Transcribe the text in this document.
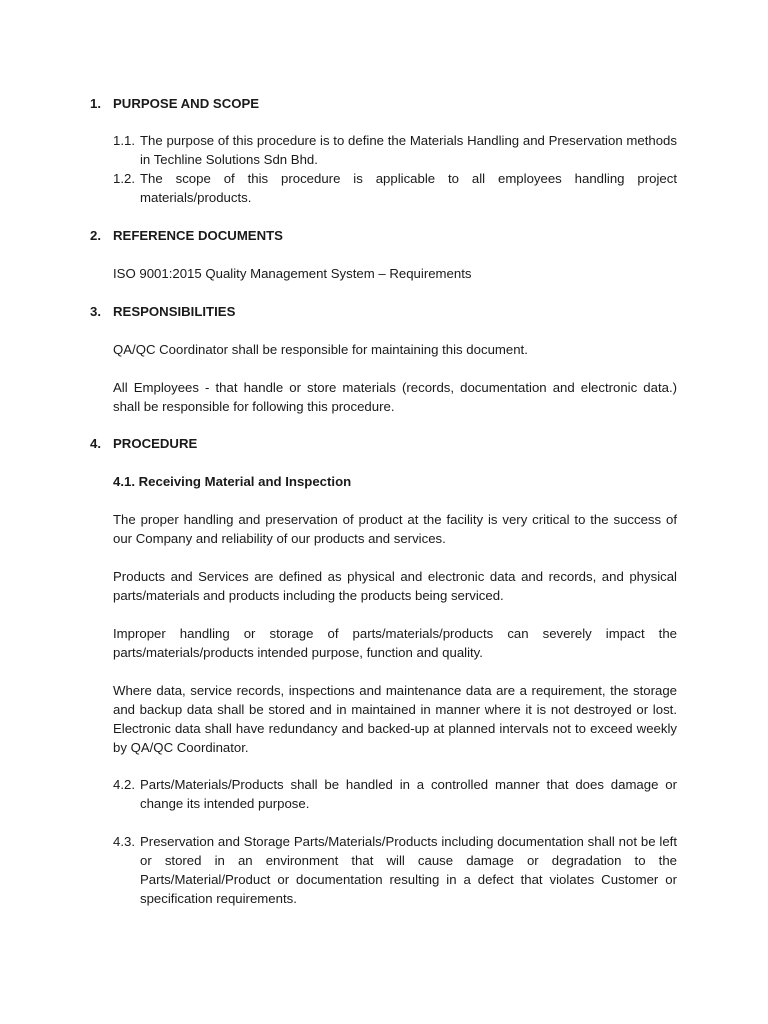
1. PURPOSE AND SCOPE
1.1. The purpose of this procedure is to define the Materials Handling and Preservation methods in Techline Solutions Sdn Bhd.
1.2. The scope of this procedure is applicable to all employees handling project materials/products.
2. REFERENCE DOCUMENTS
ISO 9001:2015 Quality Management System – Requirements
3. RESPONSIBILITIES
QA/QC Coordinator shall be responsible for maintaining this document.
All Employees - that handle or store materials (records, documentation and electronic data.) shall be responsible for following this procedure.
4. PROCEDURE
4.1. Receiving Material and Inspection
The proper handling and preservation of product at the facility is very critical to the success of our Company and reliability of our products and services.
Products and Services are defined as physical and electronic data and records, and physical parts/materials and products including the products being serviced.
Improper handling or storage of parts/materials/products can severely impact the parts/materials/products intended purpose, function and quality.
Where data, service records, inspections and maintenance data are a requirement, the storage and backup data shall be stored and in maintained in manner where it is not destroyed or lost. Electronic data shall have redundancy and backed-up at planned intervals not to exceed weekly by QA/QC Coordinator.
4.2. Parts/Materials/Products shall be handled in a controlled manner that does damage or change its intended purpose.
4.3. Preservation and Storage Parts/Materials/Products including documentation shall not be left or stored in an environment that will cause damage or degradation to the Parts/Material/Product or documentation resulting in a defect that violates Customer or specification requirements.
